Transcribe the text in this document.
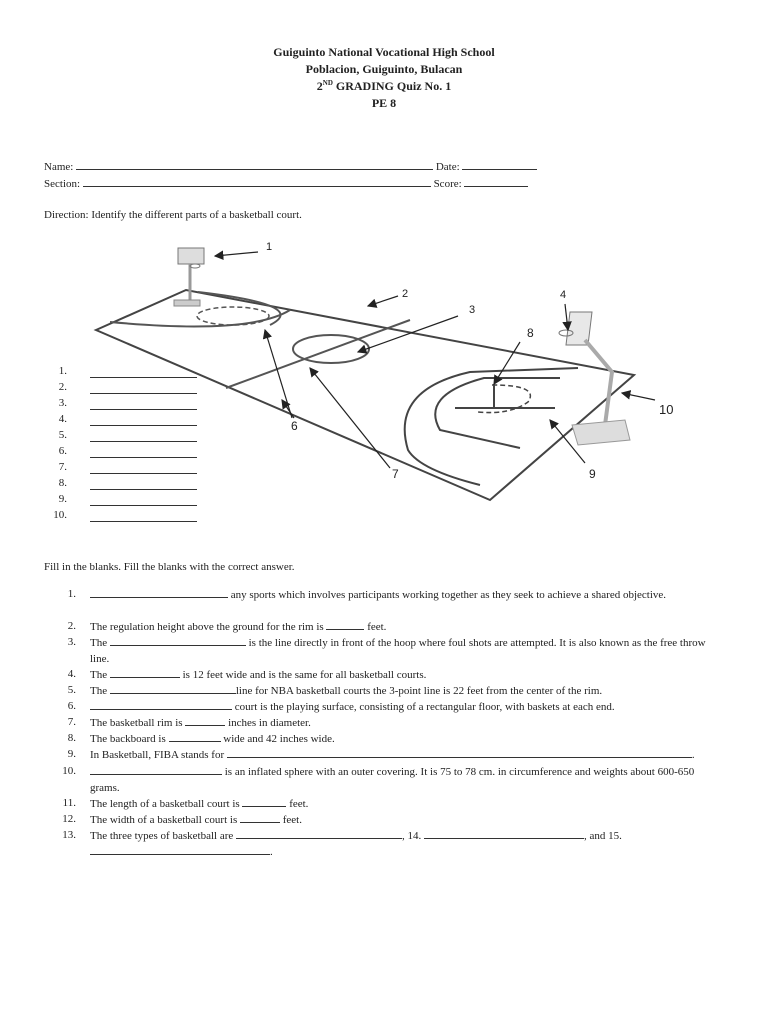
Guiguinto National Vocational High School
Poblacion, Guiguinto, Bulacan
2ND GRADING Quiz No. 1
PE 8
Name:	Date:
Section:	Score:
Direction: Identify the different parts of a basketball court.
1
2
3
4
6
7
8
9
10
1.
2.
3.
4.
5.
6.
7.
8.
9.
10.
Fill in the blanks. Fill the blanks with the correct answer.
1.	any sports which involves participants working together as they seek to achieve a shared objective.
2. The regulation height above the ground for the rim is	feet.
3. The	is the line directly in front of the hoop where foul shots are attempted. It is also known as the free throw line.
4. The	is 12 feet wide and is the same for all basketball courts.
5. The	line for NBA basketball courts the 3-point line is 22 feet from the center of the rim.
6.	court is the playing surface, consisting of a rectangular floor, with baskets at each end.
7. The basketball rim is	inches in diameter.
8. The backboard is	wide and 42 inches wide.
9. In Basketball, FIBA stands for	.
10.	is an inflated sphere with an outer covering. It is 75 to 78 cm. in circumference and weights about 600-650 grams.
11. The length of a basketball court is	feet.
12. The width of a basketball court is	feet.
13. The three types of basketball are	, 14.	, and 15.
.
